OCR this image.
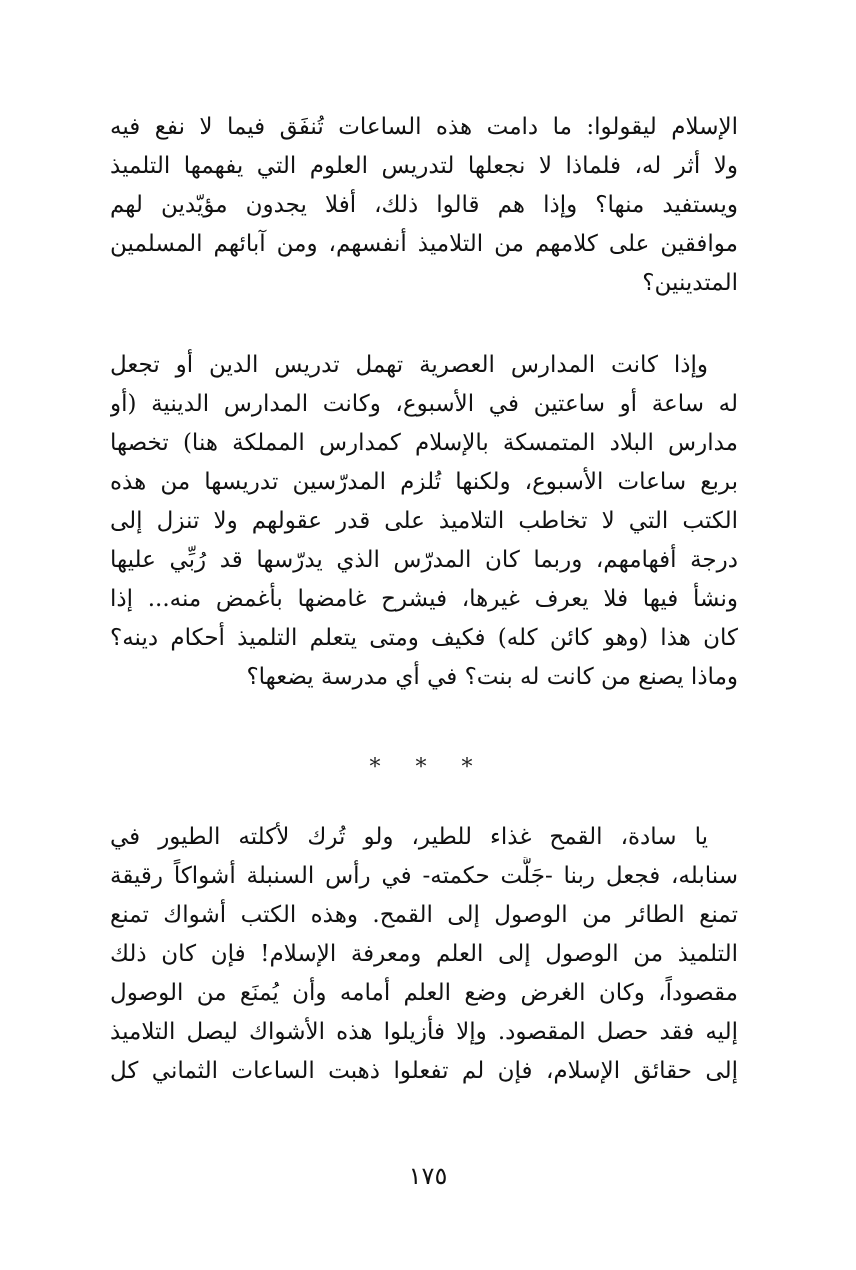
الإسلام ليقولوا: ما دامت هذه الساعات تُنفَق فيما لا نفع فيه
ولا أثر له، فلماذا لا نجعلها لتدريس العلوم التي يفهمها التلميذ
ويستفيد منها؟ وإذا هم قالوا ذلك، أفلا يجدون مؤيّدين لهم
موافقين على كلامهم من التلاميذ أنفسهم، ومن آبائهم المسلمين
المتدينين؟
وإذا كانت المدارس العصرية تهمل تدريس الدين أو تجعل
له ساعة أو ساعتين في الأسبوع، وكانت المدارس الدينية (أو
مدارس البلاد المتمسكة بالإسلام كمدارس المملكة هنا) تخصها
بربع ساعات الأسبوع، ولكنها تُلزم المدرّسين تدريسها من هذه
الكتب التي لا تخاطب التلاميذ على قدر عقولهم ولا تنزل إلى
درجة أفهامهم، وربما كان المدرّس الذي يدرّسها قد رُبِّي عليها
ونشأ فيها فلا يعرف غيرها، فيشرح غامضها بأغمض منه... إذا
كان هذا (وهو كائن كله) فكيف ومتى يتعلم التلميذ أحكام دينه؟
وماذا يصنع من كانت له بنت؟ في أي مدرسة يضعها؟
* * *
يا سادة، القمح غذاء للطير، ولو تُرك لأكلته الطيور في
سنابله، فجعل ربنا -جَلَّت حكمته- في رأس السنبلة أشواكاً رقيقة
تمنع الطائر من الوصول إلى القمح. وهذه الكتب أشواك تمنع
التلميذ من الوصول إلى العلم ومعرفة الإسلام! فإن كان ذلك
مقصوداً، وكان الغرض وضع العلم أمامه وأن يُمنَع من الوصول
إليه فقد حصل المقصود. وإلا فأزيلوا هذه الأشواك ليصل التلاميذ
إلى حقائق الإسلام، فإن لم تفعلوا ذهبت الساعات الثماني كل
١٧٥
